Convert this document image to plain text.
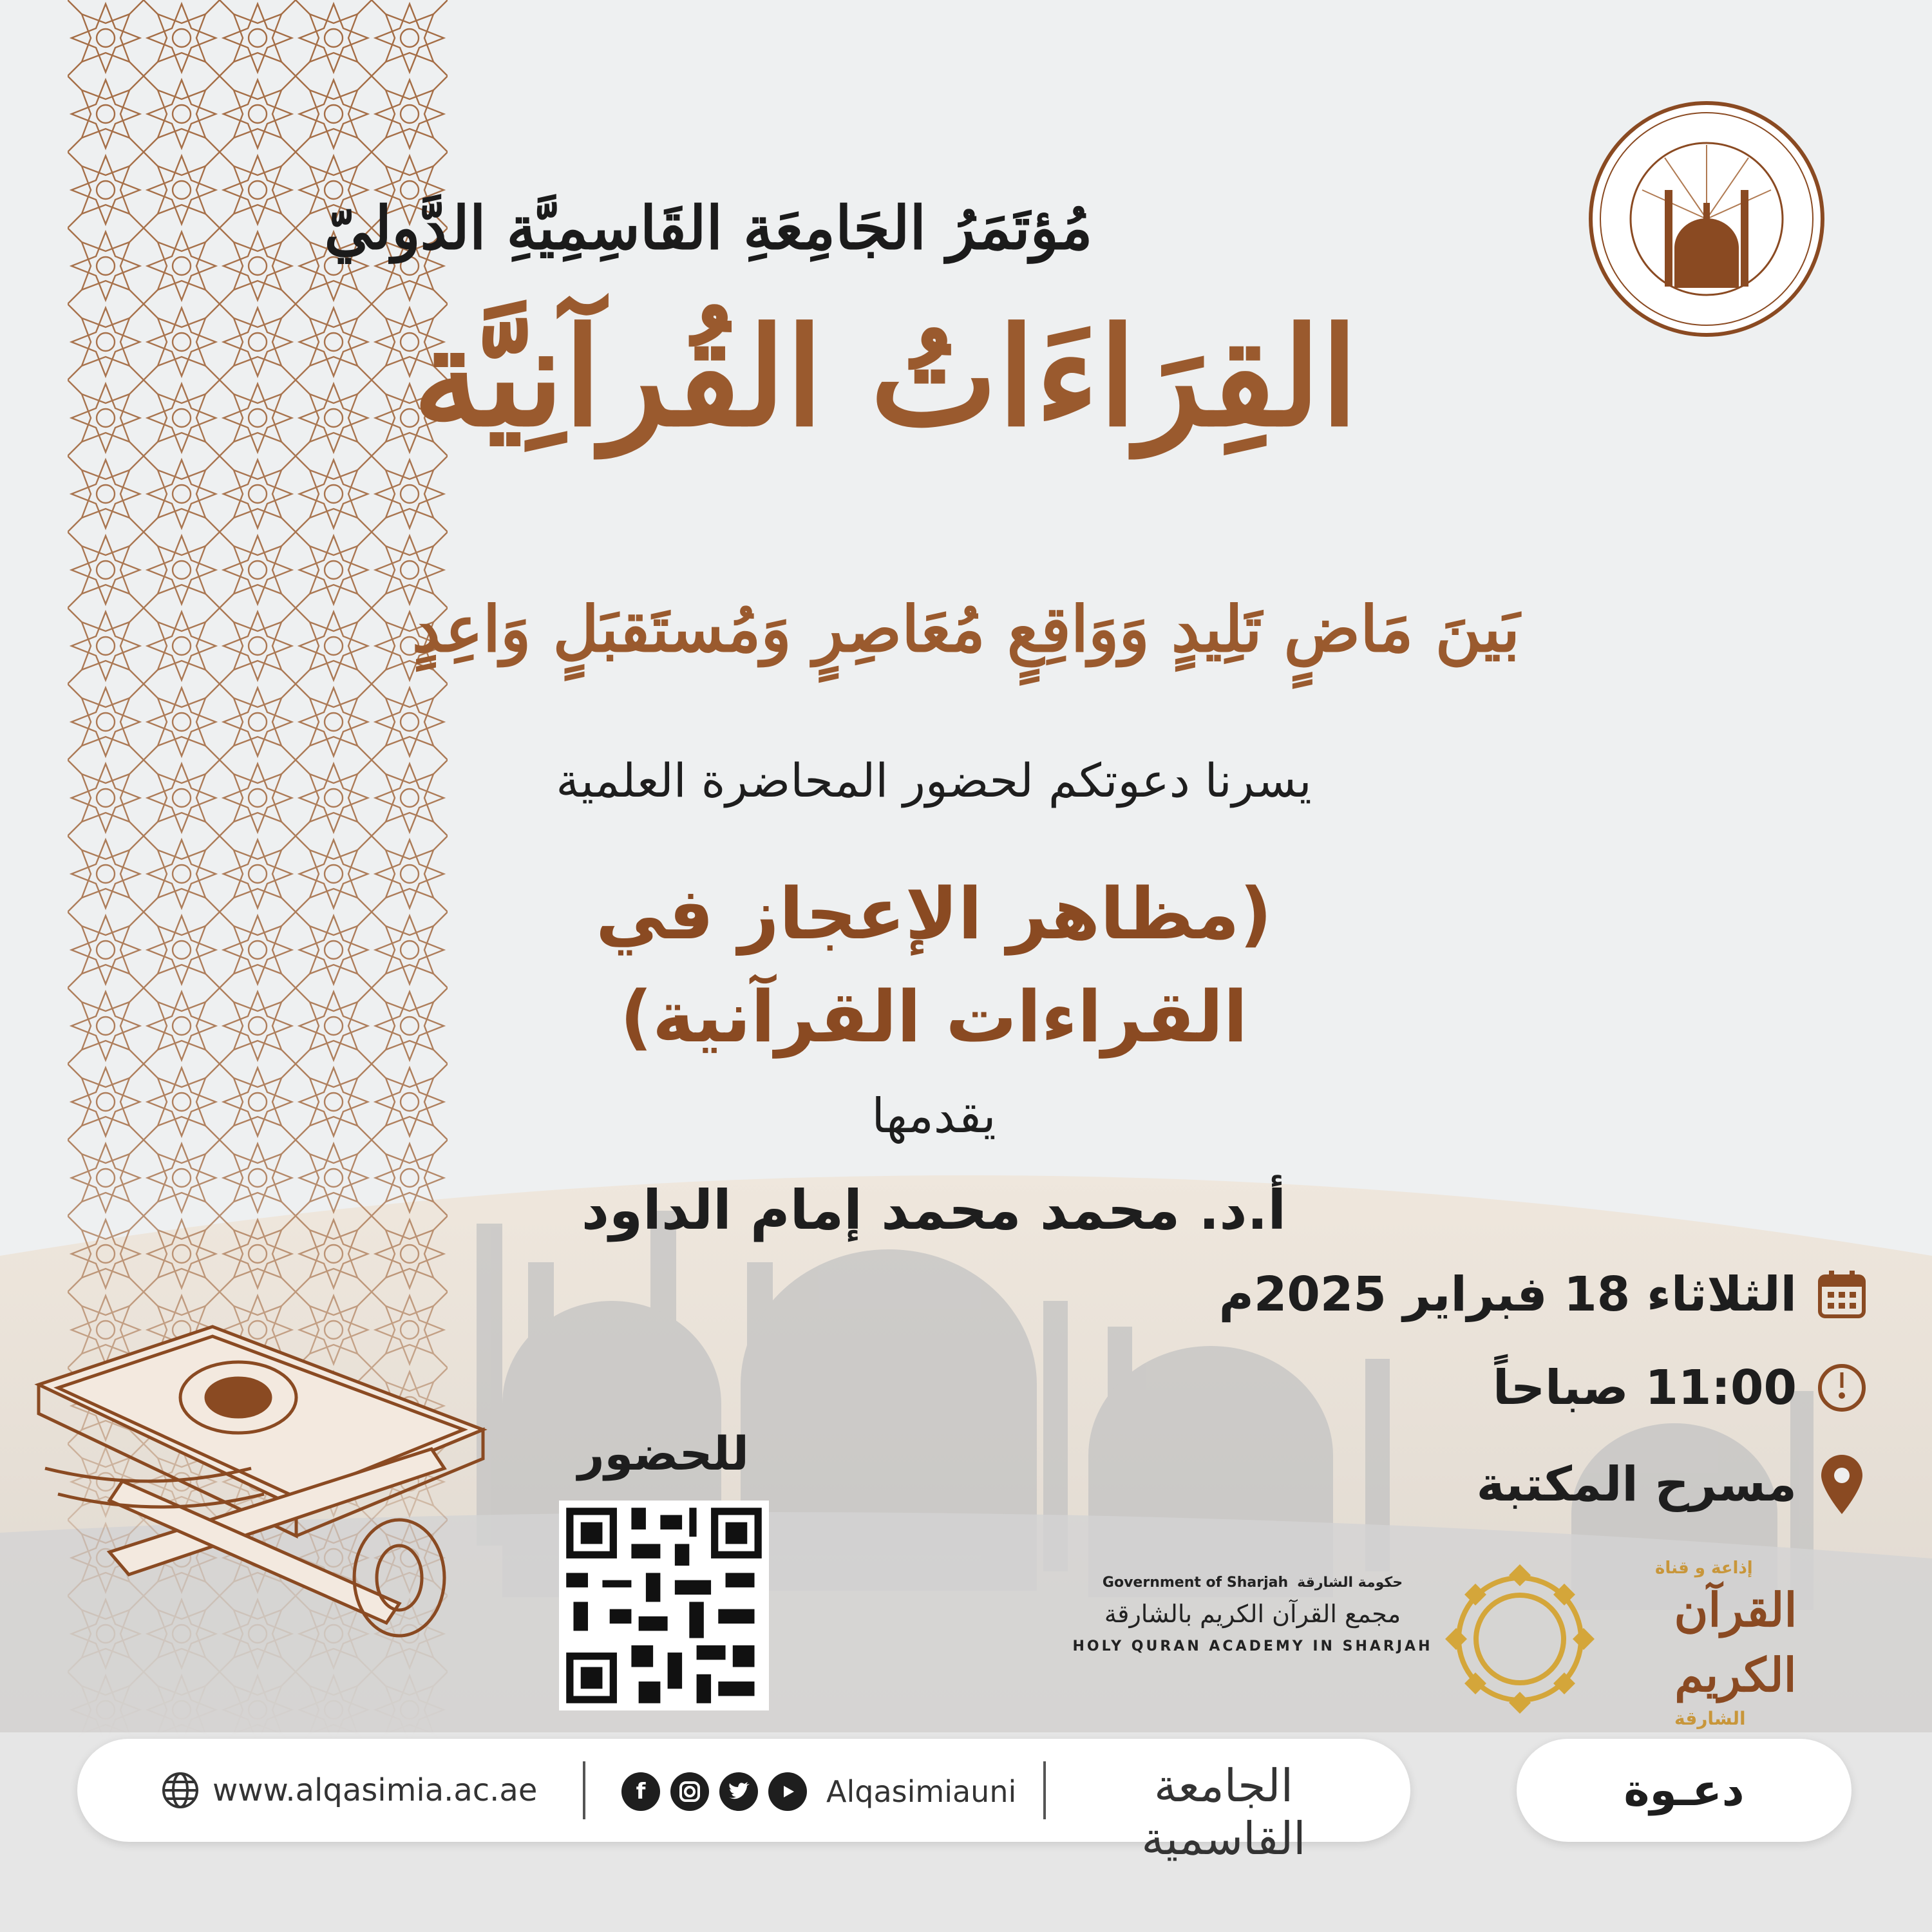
مُؤتَمَرُ الجَامِعَةِ القَاسِمِيَّةِ الدَّوليّ
القِرَاءَاتُ القُرآنِيَّة
بَينَ مَاضٍ تَلِيدٍ وَوَاقِعٍ مُعَاصِرٍ وَمُستَقبَلٍ وَاعِدٍ
يسرنا دعوتكم لحضور المحاضرة العلمية
(مظاهر الإعجاز في
القراءات القرآنية)
يقدمها
أ.د. محمد محمد إمام الداود
الثلاثاء 18 فبراير 2025م
11:00 صباحاً
مسرح المكتبة
للحضور
Government of Sharjah حكومة الشارقة
مجمع القرآن الكريم بالشارقة
HOLY QURAN ACADEMY IN SHARJAH
إذاعة و قناة
القرآن الكريم
الشارقة
www.alqasimia.ac.ae	f	Alqasimiauni	الجامعة القاسمية
دعـوة
